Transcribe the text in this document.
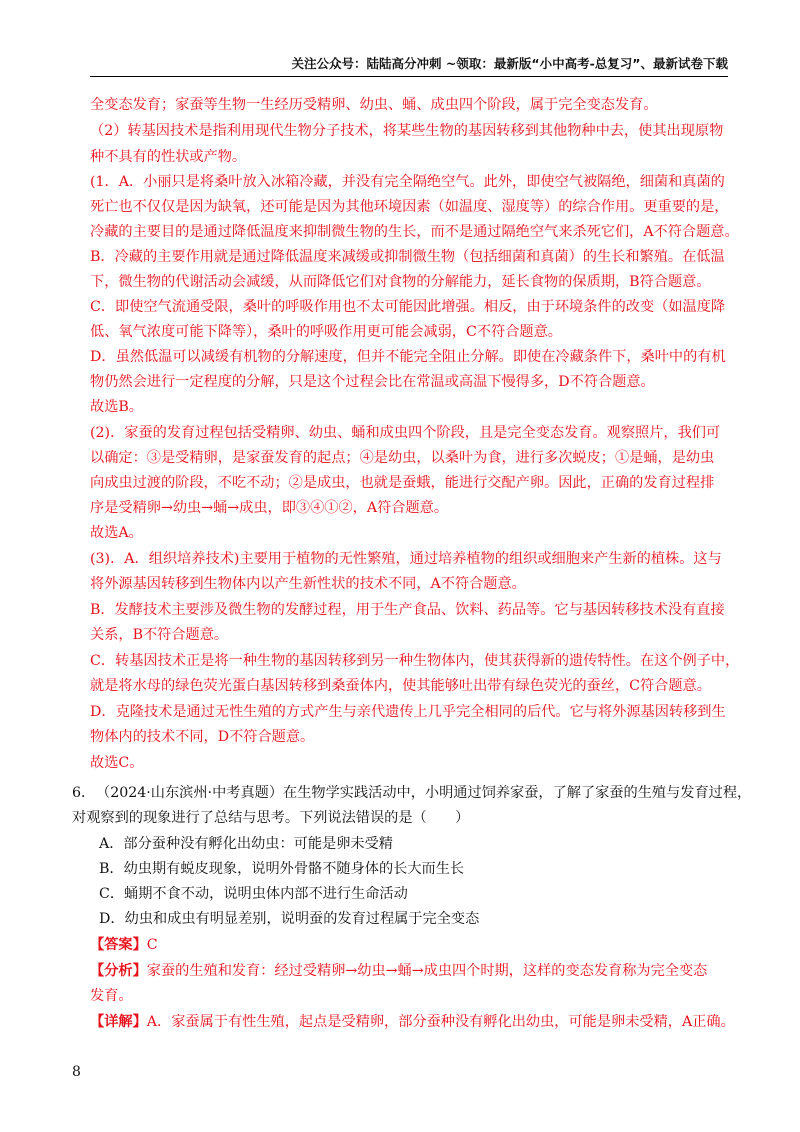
关注公众号：陆陆高分冲刺 ~领取：最新版“小中高考-总复习”、最新试卷下载
全变态发育；家蚕等生物一生经历受精卵、幼虫、蛹、成虫四个阶段，属于完全变态发育。
（2）转基因技术是指利用现代生物分子技术，将某些生物的基因转移到其他物种中去，使其出现原物
种不具有的性状或产物。
(1．A．小丽只是将桑叶放入冰箱冷藏，并没有完全隔绝空气。此外，即使空气被隔绝，细菌和真菌的
死亡也不仅仅是因为缺氧，还可能是因为其他环境因素（如温度、湿度等）的综合作用。更重要的是，
冷藏的主要目的是通过降低温度来抑制微生物的生长，而不是通过隔绝空气来杀死它们，A不符合题意。
B．冷藏的主要作用就是通过降低温度来减缓或抑制微生物（包括细菌和真菌）的生长和繁殖。在低温
下，微生物的代谢活动会减缓，从而降低它们对食物的分解能力，延长食物的保质期，B符合题意。
C．即使空气流通受限，桑叶的呼吸作用也不太可能因此增强。相反，由于环境条件的改变（如温度降
低、氧气浓度可能下降等），桑叶的呼吸作用更可能会减弱，C不符合题意。
D．虽然低温可以减缓有机物的分解速度，但并不能完全阻止分解。即使在冷藏条件下，桑叶中的有机
物仍然会进行一定程度的分解，只是这个过程会比在常温或高温下慢得多，D不符合题意。
故选B。
(2)．家蚕的发育过程包括受精卵、幼虫、蛹和成虫四个阶段，且是完全变态发育。观察照片，我们可
以确定：③是受精卵，是家蚕发育的起点；④是幼虫，以桑叶为食，进行多次蜕皮；①是蛹，是幼虫
向成虫过渡的阶段，不吃不动；②是成虫，也就是蚕蛾，能进行交配产卵。因此，正确的发育过程排
序是受精卵→幼虫→蛹→成虫，即③④①②，A符合题意。
故选A。
(3)．A．组织培养技术)主要用于植物的无性繁殖，通过培养植物的组织或细胞来产生新的植株。这与
将外源基因转移到生物体内以产生新性状的技术不同，A不符合题意。
B．发酵技术主要涉及微生物的发酵过程，用于生产食品、饮料、药品等。它与基因转移技术没有直接
关系，B不符合题意。
C．转基因技术正是将一种生物的基因转移到另一种生物体内，使其获得新的遗传特性。在这个例子中，
就是将水母的绿色荧光蛋白基因转移到桑蚕体内，使其能够吐出带有绿色荧光的蚕丝，C符合题意。
D．克隆技术是通过无性生殖的方式产生与亲代遗传上几乎完全相同的后代。它与将外源基因转移到生
物体内的技术不同，D不符合题意。
故选C。
6． （2024·山东滨州·中考真题）在生物学实践活动中，小明通过饲养家蚕，了解了家蚕的生殖与发育过程，
对观察到的现象进行了总结与思考。下列说法错误的是（　　）
A．部分蚕种没有孵化出幼虫：可能是卵未受精
B．幼虫期有蜕皮现象，说明外骨骼不随身体的长大而生长
C．蛹期不食不动，说明虫体内部不进行生命活动
D．幼虫和成虫有明显差别，说明蚕的发育过程属于完全变态
【答案】C
【分析】家蚕的生殖和发育：经过受精卵→幼虫→蛹→成虫四个时期，这样的变态发育称为完全变态
发育。
【详解】A．家蚕属于有性生殖，起点是受精卵，部分蚕种没有孵化出幼虫，可能是卵未受精，A正确。
8
